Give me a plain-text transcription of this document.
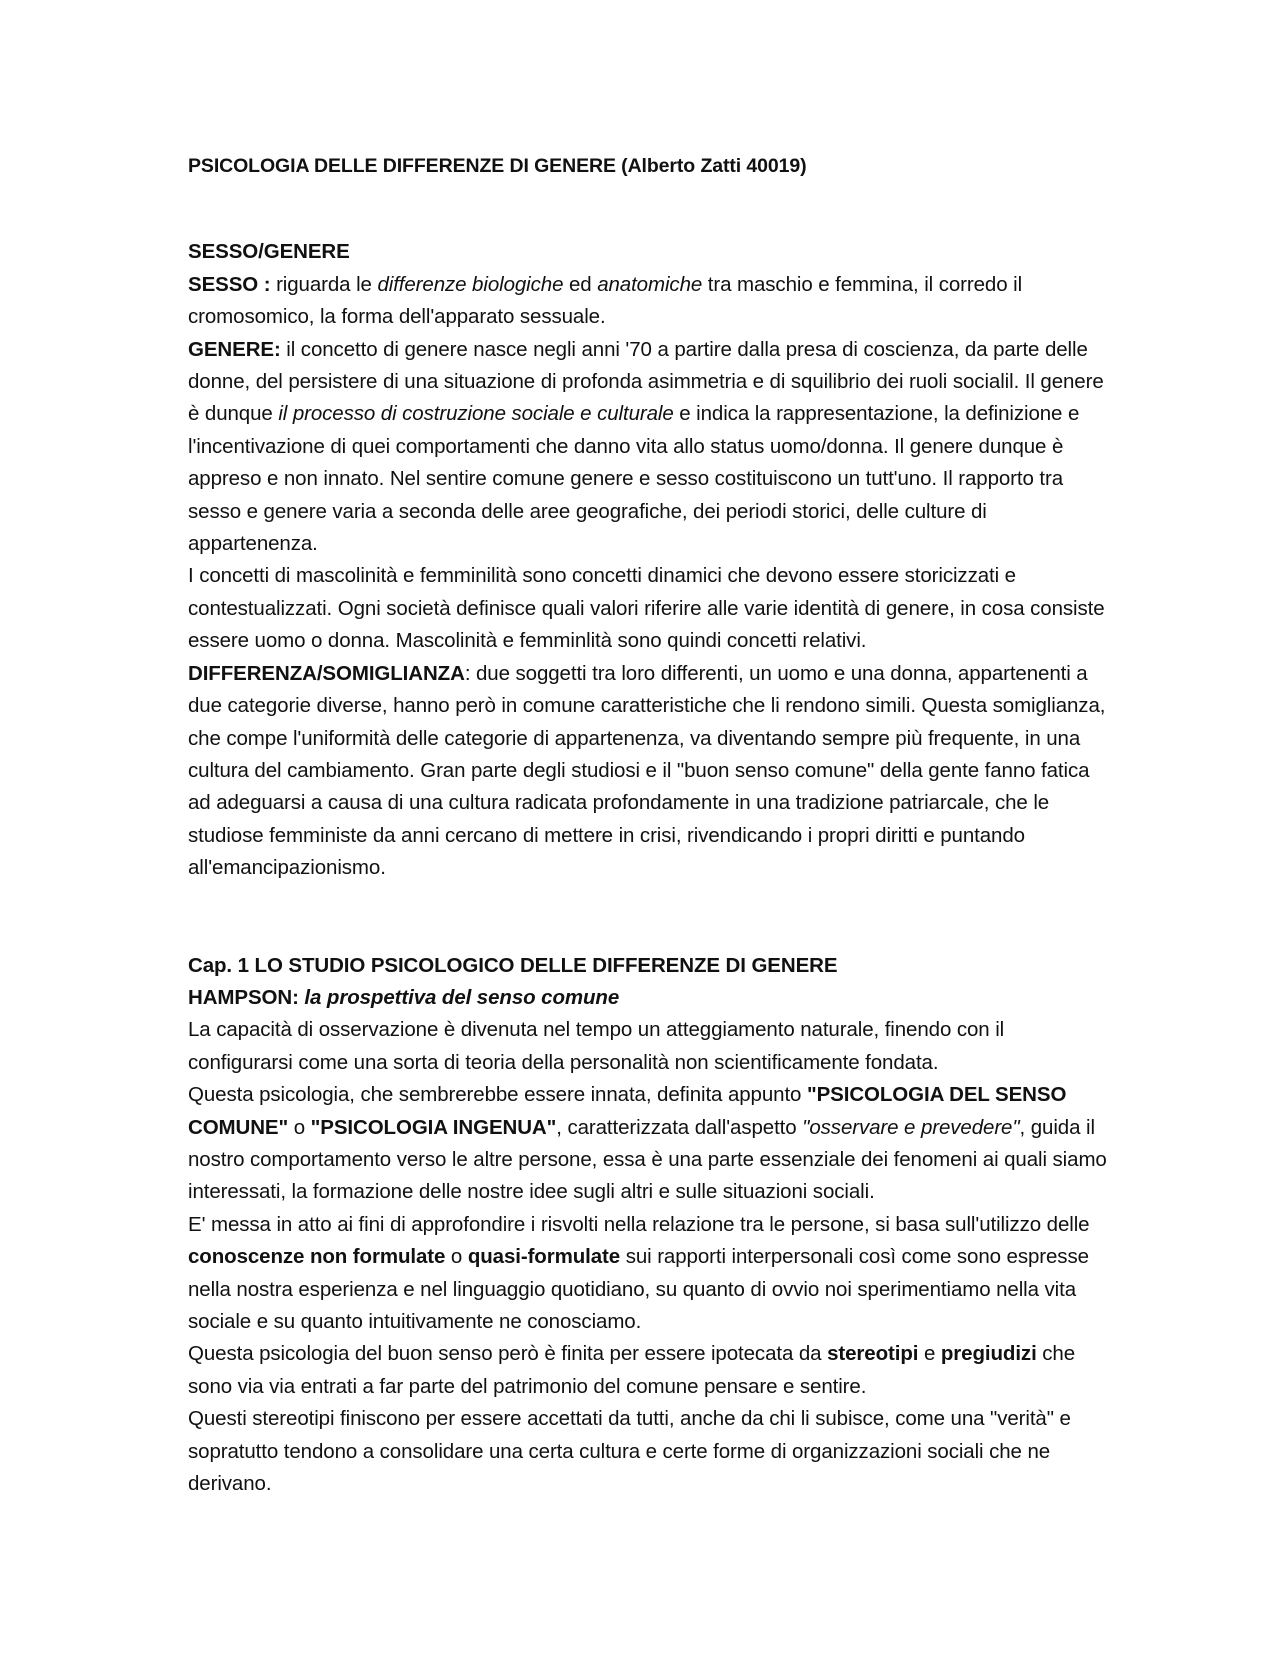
PSICOLOGIA DELLE DIFFERENZE DI GENERE (Alberto Zatti 40019)

SESSO/GENERE

SESSO : riguarda le differenze biologiche ed anatomiche tra maschio e femmina, il corredo il cromosomico, la forma dell'apparato sessuale.

GENERE: il concetto di genere nasce negli anni '70 a partire dalla presa di coscienza, da parte delle donne, del persistere di una situazione di profonda asimmetria e di squilibrio dei ruoli socialil. Il genere è dunque il processo di costruzione sociale e culturale e indica la rappresentazione, la definizione e l'incentivazione di quei comportamenti che danno vita allo status uomo/donna. Il genere dunque è appreso e non innato. Nel sentire comune genere e sesso costituiscono un tutt'uno. Il rapporto tra sesso e genere varia a seconda delle aree geografiche, dei periodi storici, delle culture di appartenenza.

I concetti di mascolinità e femminilità sono concetti dinamici che devono essere storicizzati e contestualizzati. Ogni società definisce quali valori riferire alle varie identità di genere, in cosa consiste essere uomo o donna. Mascolinità e femminlità sono quindi concetti relativi.

DIFFERENZA/SOMIGLIANZA: due soggetti tra loro differenti, un uomo e una donna, appartenenti a due categorie diverse, hanno però in comune caratteristiche che li rendono simili. Questa somiglianza, che compe l'uniformità delle categorie di appartenenza, va diventando sempre più frequente, in una cultura del cambiamento. Gran parte degli studiosi e il "buon senso comune" della gente fanno fatica ad adeguarsi a causa di una cultura radicata profondamente in una tradizione patriarcale, che le studiose femministe da anni cercano di mettere in crisi, rivendicando i propri diritti e puntando all'emancipazionismo.

Cap. 1 LO STUDIO PSICOLOGICO DELLE DIFFERENZE DI GENERE

HAMPSON: la prospettiva del senso comune

La capacità di osservazione è divenuta nel tempo un atteggiamento naturale, finendo con il configurarsi come una sorta di teoria della personalità non scientificamente fondata.

Questa psicologia, che sembrerebbe essere innata, definita appunto "PSICOLOGIA DEL SENSO COMUNE" o "PSICOLOGIA INGENUA", caratterizzata dall'aspetto "osservare e prevedere", guida il nostro comportamento verso le altre persone, essa è una parte essenziale dei fenomeni ai quali siamo interessati, la formazione delle nostre idee sugli altri e sulle situazioni sociali.

E' messa in atto ai fini di approfondire i risvolti nella relazione tra le persone, si basa sull'utilizzo delle conoscenze non formulate o quasi-formulate sui rapporti interpersonali così come sono espresse nella nostra esperienza e nel linguaggio quotidiano, su quanto di ovvio noi sperimentiamo nella vita sociale e su quanto intuitivamente ne conosciamo.

Questa psicologia del buon senso però è finita per essere ipotecata da stereotipi e pregiudizi che sono via via entrati a far parte del patrimonio del comune pensare e sentire.

Questi stereotipi finiscono per essere accettati da tutti, anche da chi li subisce, come una "verità" e sopratutto tendono a consolidare una certa cultura e certe forme di organizzazioni sociali che ne derivano.
